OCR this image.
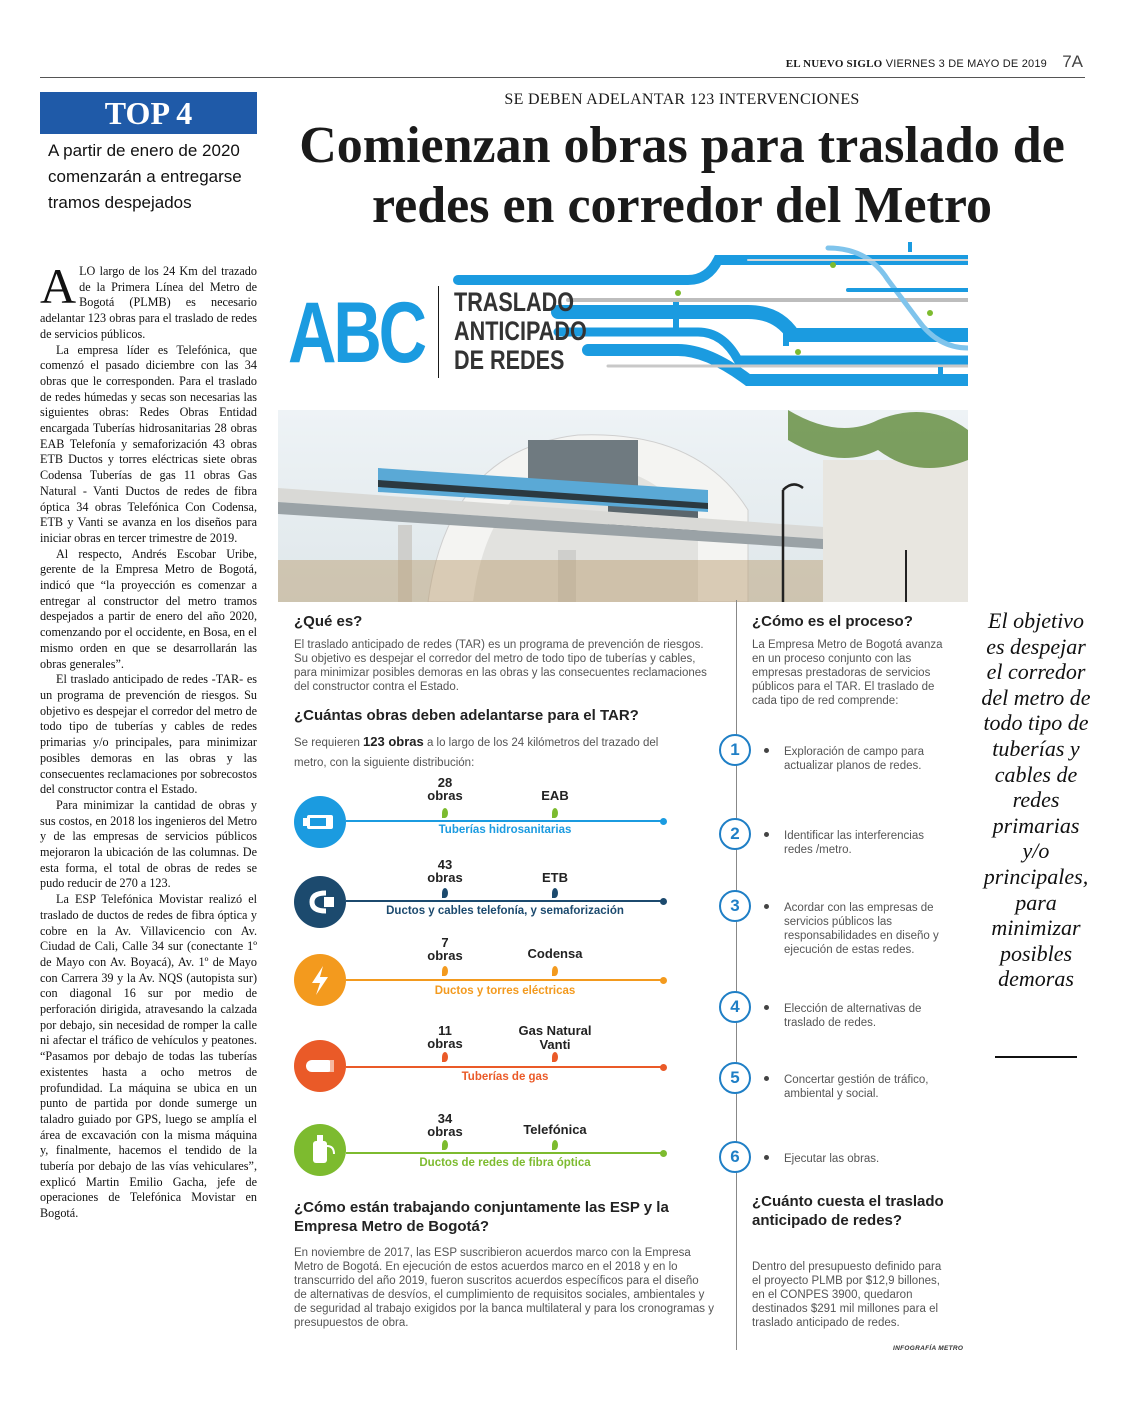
EL NUEVO SIGLO VIERNES 3 DE MAYO DE 2019 7A
TOP 4
A partir de enero de 2020 comenzarán a entregarse tramos despejados

ALO largo de los 24 Km del trazado de la Primera Línea del Metro de Bogotá (PLMB) es necesario adelantar 123 obras para el traslado de redes de servicios públicos.

La empresa líder es Telefónica, que comenzó el pasado diciembre con las 34 obras que le corresponden. Para el traslado de redes húmedas y secas son necesarias las siguientes obras: Redes Obras Entidad encargada Tuberías hidrosanitarias 28 obras EAB Telefonía y semaforización 43 obras ETB Ductos y torres eléctricas siete obras Codensa Tuberías de gas 11 obras Gas Natural - Vanti Ductos de redes de fibra óptica 34 obras Telefónica Con Codensa, ETB y Vanti se avanza en los diseños para iniciar obras en tercer trimestre de 2019.

Al respecto, Andrés Escobar Uribe, gerente de la Empresa Metro de Bogotá, indicó que “la proyección es comenzar a entregar al constructor del metro tramos despejados a partir de enero del año 2020, comenzando por el occidente, en Bosa, en el mismo orden en que se desarrollarán las obras generales”.

El traslado anticipado de redes -TAR- es un programa de prevención de riesgos. Su objetivo es despejar el corredor del metro de todo tipo de tuberías y cables de redes primarias y/o principales, para minimizar posibles demoras en las obras y las consecuentes reclamaciones por sobrecostos del constructor contra el Estado.

Para minimizar la cantidad de obras y sus costos, en 2018 los ingenieros del Metro y de las empresas de servicios públicos mejoraron la ubicación de las columnas. De esta forma, el total de obras de redes se pudo reducir de 270 a 123.

La ESP Telefónica Movistar realizó el traslado de ductos de redes de fibra óptica y cobre en la Av. Villavicencio con Av. Ciudad de Cali, Calle 34 sur (conectante 1º de Mayo con Av. Boyacá), Av. 1º de Mayo con Carrera 39 y la Av. NQS (autopista sur) con diagonal 16 sur por medio de perforación dirigida, atravesando la calzada por debajo, sin necesidad de romper la calle ni afectar el tráfico de vehículos y peatones. “Pasamos por debajo de todas las tuberías existentes hasta a ocho metros de profundidad. La máquina se ubica en un punto de partida por donde sumerge un taladro guiado por GPS, luego se amplía el área de excavación con la misma máquina y, finalmente, hacemos el tendido de la tubería por debajo de las vías vehiculares”, explicó Martin Emilio Gacha, jefe de operaciones de Telefónica Movistar en Bogotá.

SE DEBEN ADELANTAR 123 INTERVENCIONES
Comienzan obras para traslado de redes en corredor del Metro
ABC TRASLADO
ANTICIPADO
DE REDES
¿Qué es?
El traslado anticipado de redes (TAR) es un programa de prevención de riesgos. Su objetivo es despejar el corredor del metro de todo tipo de tuberías y cables, para minimizar posibles demoras en las obras y las consecuentes reclamaciones del constructor contra el Estado.
¿Cuántas obras deben adelantarse para el TAR?
Se requieren 123 obras a lo largo de los 24 kilómetros del trazado del metro, con la siguiente distribución:
28
obras	EAB
Tuberías hidrosanitarias
43
obras	ETB
Ductos y cables telefonía, y semaforización
7
obras	Codensa
Ductos y torres eléctricas
11
obras
Gas Natural
Vanti
Tuberías de gas
34
obras	Telefónica
Ductos de redes de fibra óptica
¿Cómo están trabajando conjuntamente las ESP y la Empresa Metro de Bogotá?
En noviembre de 2017, las ESP suscribieron acuerdos marco con la Empresa Metro de Bogotá. En ejecución de estos acuerdos marco en el 2018 y en lo transcurrido del año 2019, fueron suscritos acuerdos específicos para el diseño de alternativas de desvíos, el cumplimiento de requisitos sociales, ambientales y de seguridad al trabajo exigidos por la banca multilateral y para los cronogramas y presupuestos de obra.
¿Cómo es el proceso?
La Empresa Metro de Bogotá avanza en un proceso conjunto con las empresas prestadoras de servicios públicos para el TAR. El traslado de cada tipo de red comprende:
1	Exploración de campo para actualizar planos de redes.
2	Identificar las interferencias redes /metro.
3	Acordar con las empresas de servicios públicos las responsabilidades en diseño y ejecución de estas redes.
4	Elección de alternativas de traslado de redes.
5	Concertar gestión de tráfico, ambiental y social.
6	Ejecutar las obras.
¿Cuánto cuesta el traslado anticipado de redes?
Dentro del presupuesto definido para el proyecto PLMB por $12,9 billones, en el CONPES 3900, quedaron destinados $291 mil millones para el traslado anticipado de redes.
INFOGRAFÍA METRO
El objetivo es despejar el corredor del metro de todo tipo de tuberías y cables de redes primarias y/o principales, para minimizar posibles demoras
